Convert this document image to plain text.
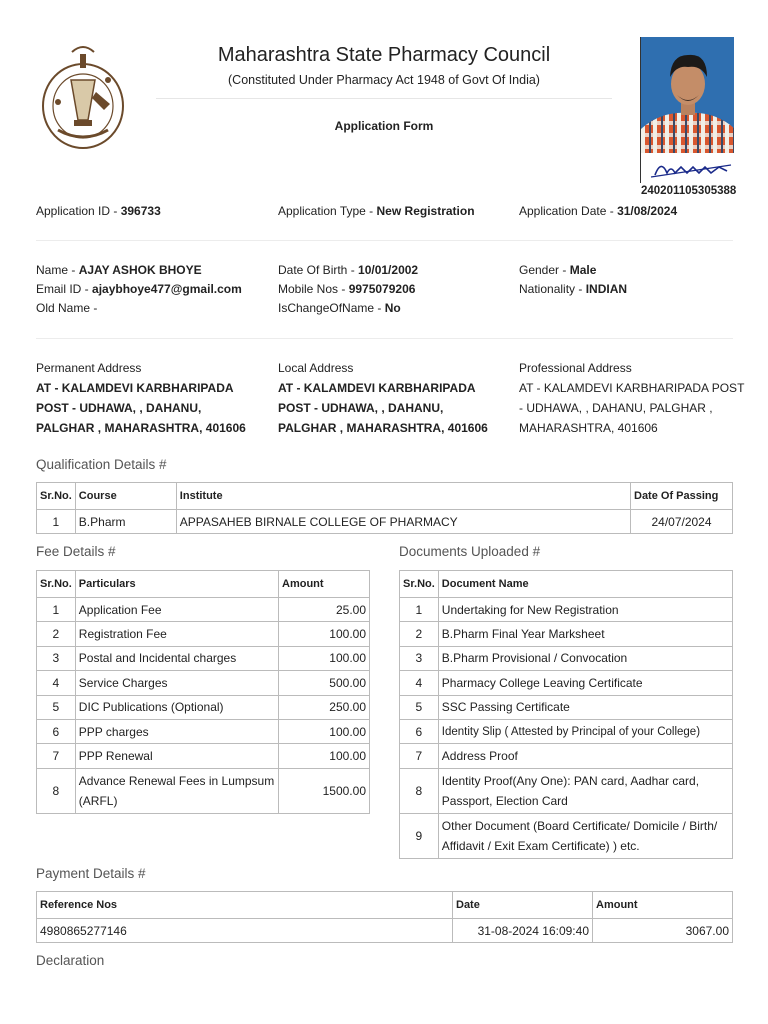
Maharashtra State Pharmacy Council
(Constituted Under Pharmacy Act 1948 of Govt Of India)
Application Form
240201105305388
Application ID - 396733	Application Type - New Registration	Application Date - 31/08/2024
Name - AJAY ASHOK BHOYE
Email ID - ajaybhoye477@gmail.com
Old Name -
Date Of Birth - 10/01/2002
Mobile Nos - 9975079206
IsChangeOfName - No
Gender - Male
Nationality - INDIAN
Permanent Address
AT - KALAMDEVI KARBHARIPADA
POST - UDHAWA, , DAHANU,
PALGHAR , MAHARASHTRA, 401606
Local Address
AT - KALAMDEVI KARBHARIPADA
POST - UDHAWA, , DAHANU,
PALGHAR , MAHARASHTRA, 401606
Professional Address
AT - KALAMDEVI KARBHARIPADA POST
- UDHAWA, , DAHANU, PALGHAR ,
MAHARASHTRA, 401606
Qualification Details #
Sr.No.	Course	Institute	Date Of Passing
1	B.Pharm	APPASAHEB BIRNALE COLLEGE OF PHARMACY	24/07/2024
Fee Details #
Sr.No.	Particulars	Amount
1	Application Fee	25.00
2	Registration Fee	100.00
3	Postal and Incidental charges	100.00
4	Service Charges	500.00
5	DIC Publications (Optional)	250.00
6	PPP charges	100.00
7	PPP Renewal	100.00
8	Advance Renewal Fees in Lumpsum (ARFL)	1500.00
Documents Uploaded #
Sr.No.	Document Name
1	Undertaking for New Registration
2	B.Pharm Final Year Marksheet
3	B.Pharm Provisional / Convocation
4	Pharmacy College Leaving Certificate
5	SSC Passing Certificate
6	Identity Slip ( Attested by Principal of your College)
7	Address Proof
8	Identity Proof(Any One): PAN card, Aadhar card, Passport, Election Card
9	Other Document (Board Certificate/ Domicile / Birth/ Affidavit / Exit Exam Certificate) ) etc.
Payment Details #
Reference Nos	Date	Amount
4980865277146	31-08-2024 16:09:40	3067.00
Declaration
